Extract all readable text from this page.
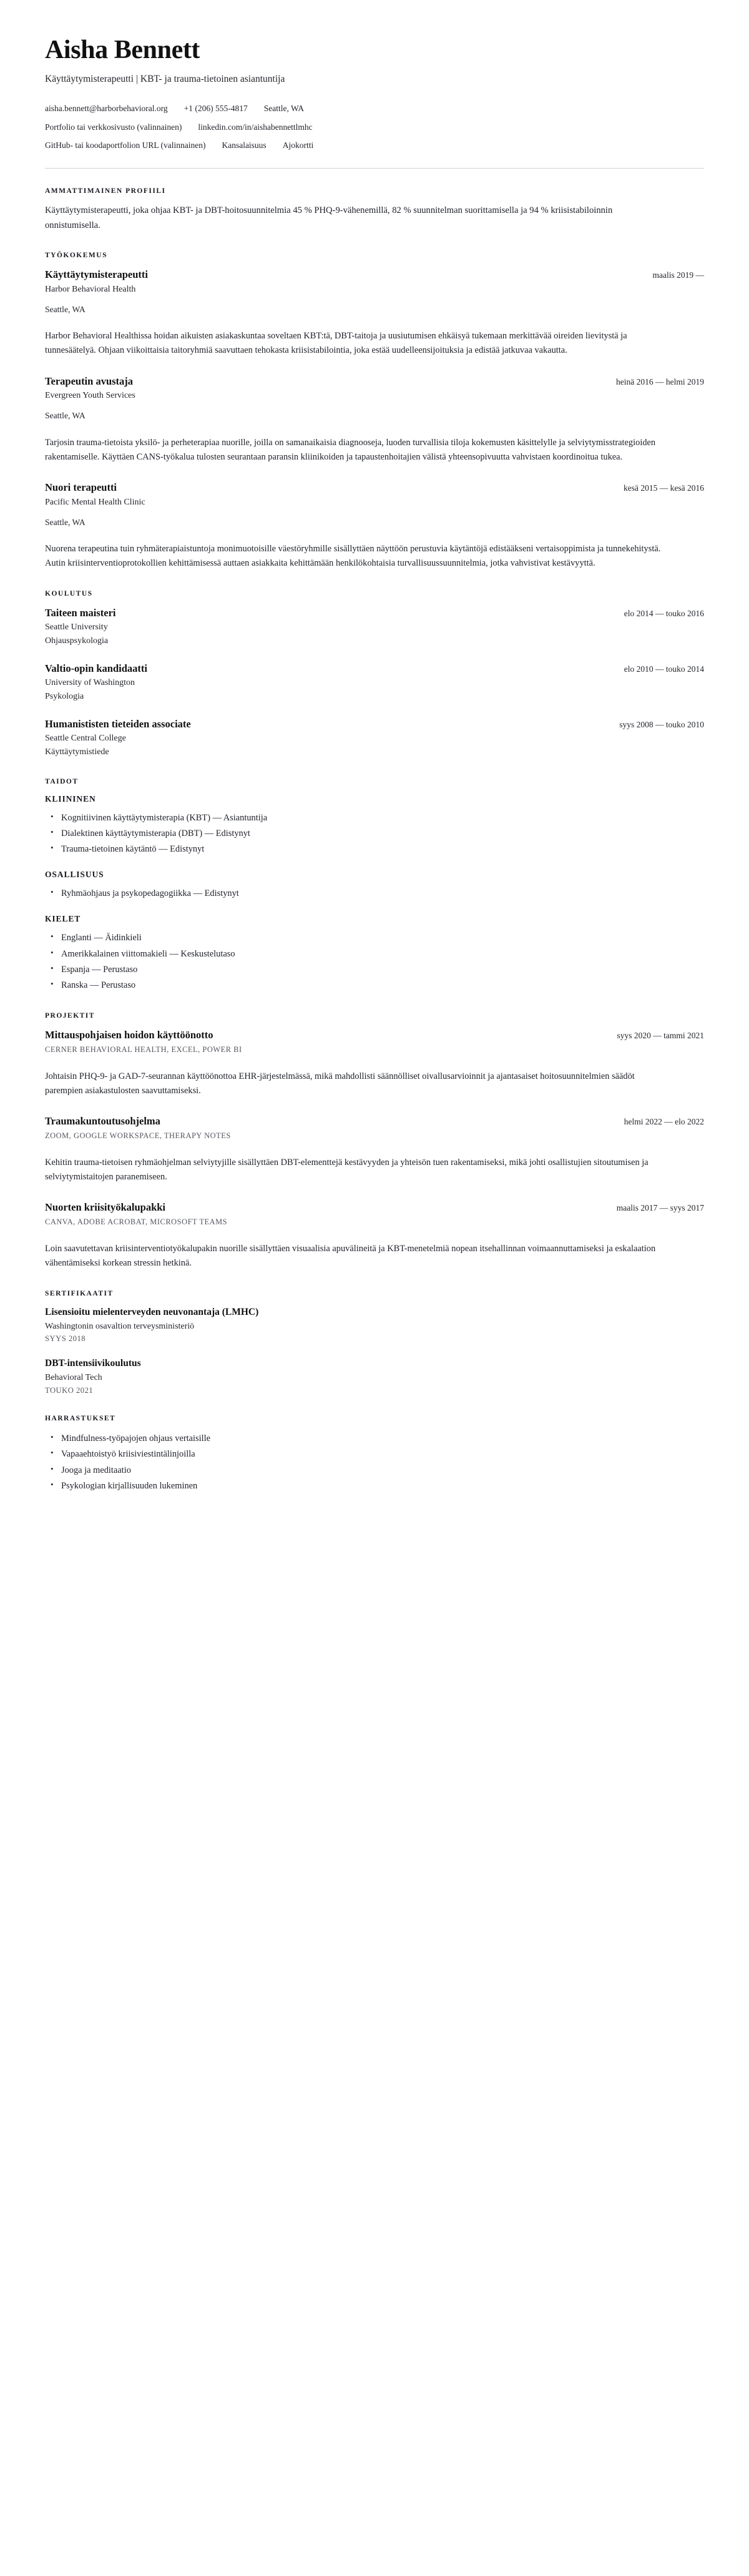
Aisha Bennett
Käyttäytymisterapeutti | KBT- ja trauma-tietoinen asiantuntija
aisha.bennett@harborbehavioral.org +1 (206) 555-4817 Seattle, WA
Portfolio tai verkkosivusto (valinnainen) linkedin.com/in/aishabennettlmhc
GitHub- tai koodaportfolion URL (valinnainen) Kansalaisuus Ajokortti
AMMATTIMAINEN PROFIILI

Käyttäytymisterapeutti, joka ohjaa KBT- ja DBT-hoitosuunnitelmia 45 % PHQ-9-vähenemillä, 82 % suunnitelman suorittamisella ja 94 % kriisistabiloinnin onnistumisella.

TYÖKOKEMUS
Käyttäytymisterapeutti	maalis 2019 —
Harbor Behavioral Health
Seattle, WA
Harbor Behavioral Healthissa hoidan aikuisten asiakaskuntaa soveltaen KBT:tä, DBT-taitoja ja uusiutumisen ehkäisyä tukemaan merkittävää oireiden lievitystä ja tunnesäätelyä. Ohjaan viikoittaisia taitoryhmiä saavuttaen tehokasta kriisistabilointia, joka estää uudelleensijoituksia ja edistää jatkuvaa vakautta.
Terapeutin avustaja	heinä 2016 — helmi 2019
Evergreen Youth Services
Seattle, WA
Tarjosin trauma-tietoista yksilö- ja perheterapiaa nuorille, joilla on samanaikaisia diagnooseja, luoden turvallisia tiloja kokemusten käsittelylle ja selviytymisstrategioiden rakentamiselle. Käyttäen CANS-työkalua tulosten seurantaan paransin kliinikoiden ja tapaustenhoitajien välistä yhteensopivuutta vahvistaen koordinoitua tukea.
Nuori terapeutti	kesä 2015 — kesä 2016
Pacific Mental Health Clinic
Seattle, WA
Nuorena terapeutina tuin ryhmäterapiaistuntoja monimuotoisille väestöryhmille sisällyttäen näyttöön perustuvia käytäntöjä edistääkseni vertaisoppimista ja tunnekehitystä. Autin kriisinterventioprotokollien kehittämisessä auttaen asiakkaita kehittämään henkilökohtaisia turvallisuussuunnitelmia, jotka vahvistivat kestävyyttä.
KOULUTUS
Taiteen maisteri	elo 2014 — touko 2016
Seattle University
Ohjauspsykologia
Valtio-opin kandidaatti	elo 2010 — touko 2014
University of Washington
Psykologia
Humanististen tieteiden associate	syys 2008 — touko 2010
Seattle Central College
Käyttäytymistiede
TAIDOT
KLIININEN
• Kognitiivinen käyttäytymisterapia (KBT) — Asiantuntija
• Dialektinen käyttäytymisterapia (DBT) — Edistynyt
• Trauma-tietoinen käytäntö — Edistynyt
OSALLISUUS
• Ryhmäohjaus ja psykopedagogiikka — Edistynyt
KIELET
• Englanti — Äidinkieli
• Amerikkalainen viittomakieli — Keskustelutaso
• Espanja — Perustaso
• Ranska — Perustaso
PROJEKTIT
Mittauspohjaisen hoidon käyttöönotto	syys 2020 — tammi 2021
CERNER BEHAVIORAL HEALTH, EXCEL, POWER BI
Johtaisin PHQ-9- ja GAD-7-seurannan käyttöönottoa EHR-järjestelmässä, mikä mahdollisti säännölliset oivallusarvioinnit ja ajantasaiset hoitosuunnitelmien säädöt parempien asiakastulosten saavuttamiseksi.
Traumakuntoutusohjelma	helmi 2022 — elo 2022
ZOOM, GOOGLE WORKSPACE, THERAPY NOTES
Kehitin trauma-tietoisen ryhmäohjelman selviytyjille sisällyttäen DBT-elementtejä kestävyyden ja yhteisön tuen rakentamiseksi, mikä johti osallistujien sitoutumisen ja selviytymistaitojen paranemiseen.
Nuorten kriisityökalupakki	maalis 2017 — syys 2017
CANVA, ADOBE ACROBAT, MICROSOFT TEAMS
Loin saavutettavan kriisinterventiotyökalupakin nuorille sisällyttäen visuaalisia apuvälineitä ja KBT-menetelmiä nopean itsehallinnan voimaannuttamiseksi ja eskalaation vähentämiseksi korkean stressin hetkinä.
SERTIFIKAATIT
Lisensioitu mielenterveyden neuvonantaja (LMHC)
Washingtonin osavaltion terveysministeriö
SYYS 2018
DBT-intensiivikoulutus
Behavioral Tech
TOUKO 2021
HARRASTUKSET
• Mindfulness-työpajojen ohjaus vertaisille
• Vapaaehtoistyö kriisiviestintälinjoilla
• Jooga ja meditaatio
• Psykologian kirjallisuuden lukeminen
